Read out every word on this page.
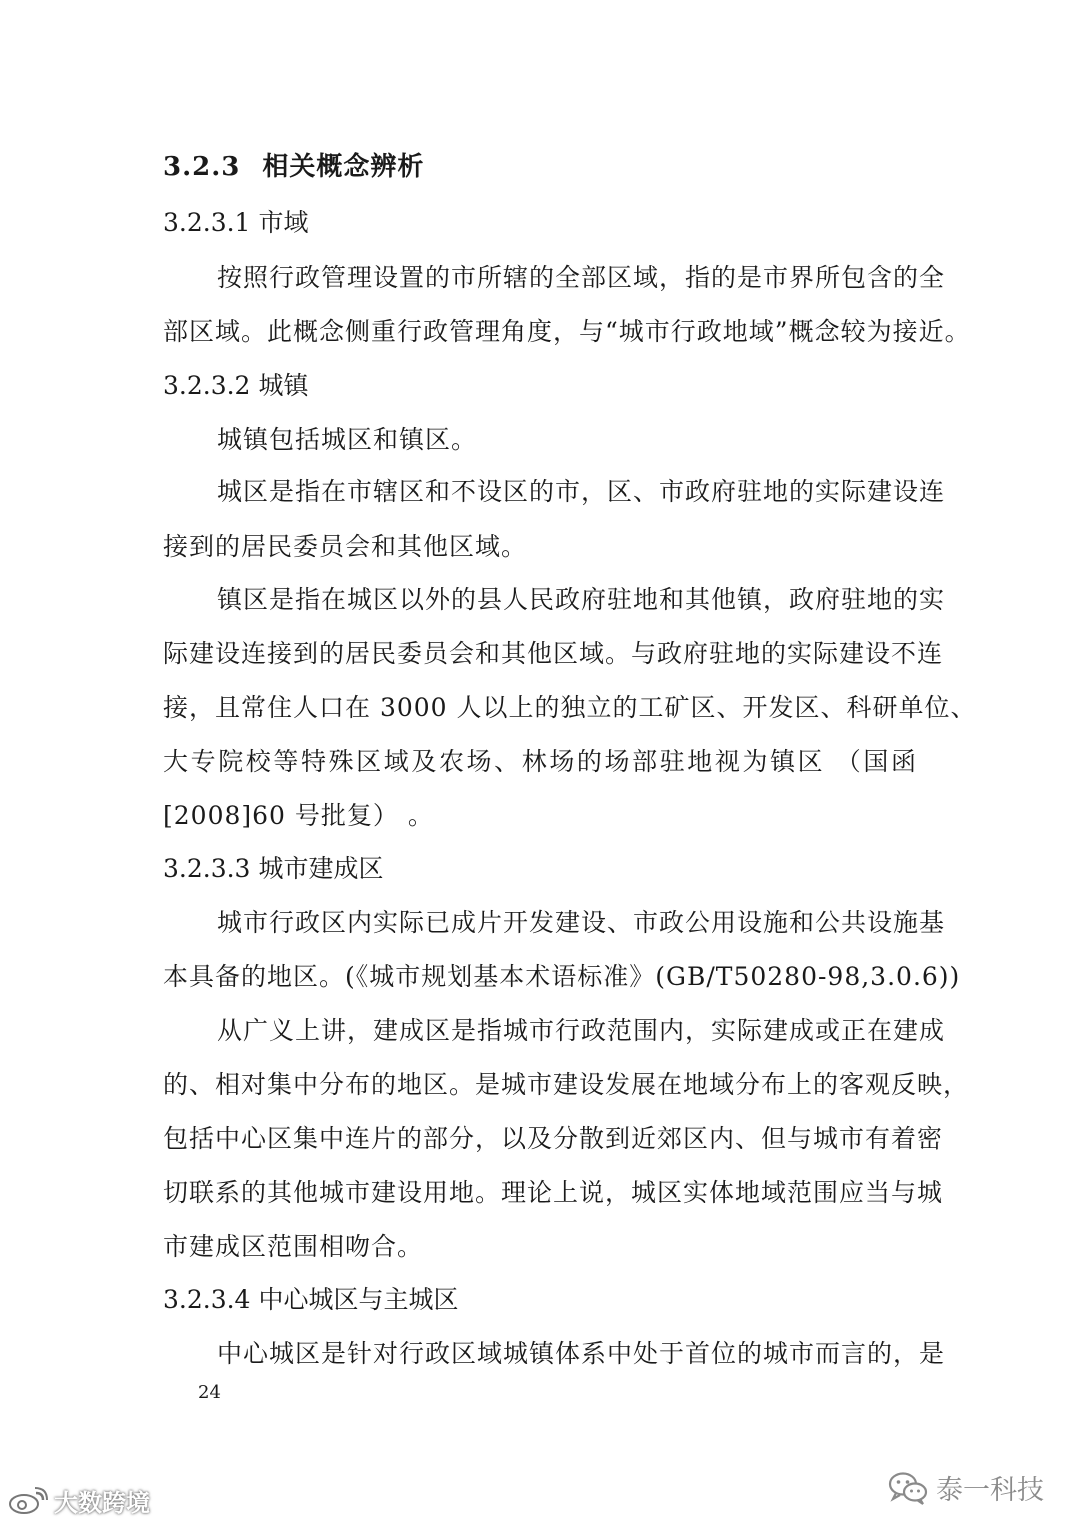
3.2.3 相关概念辨析
3.2.3.1 市域
按照行政管理设置的市所辖的全部区域，指的是市界所包含的全
部区域。此概念侧重行政管理角度，与“城市行政地域”概念较为接近。
3.2.3.2 城镇
城镇包括城区和镇区。
城区是指在市辖区和不设区的市，区、市政府驻地的实际建设连
接到的居民委员会和其他区域。
镇区是指在城区以外的县人民政府驻地和其他镇，政府驻地的实
际建设连接到的居民委员会和其他区域。与政府驻地的实际建设不连
接，且常住人口在 3000 人以上的独立的工矿区、开发区、科研单位、
大专院校等特殊区域及农场、林场的场部驻地视为镇区 （国函
[2008]60 号批复） 。
3.2.3.3 城市建成区
城市行政区内实际已成片开发建设、市政公用设施和公共设施基
本具备的地区。(《城市规划基本术语标准》(GB/T50280-98,3.0.6))
从广义上讲，建成区是指城市行政范围内，实际建成或正在建成
的、相对集中分布的地区。是城市建设发展在地域分布上的客观反映，
包括中心区集中连片的部分，以及分散到近郊区内、但与城市有着密
切联系的其他城市建设用地。理论上说，城区实体地域范围应当与城
市建成区范围相吻合。
3.2.3.4 中心城区与主城区
中心城区是针对行政区域城镇体系中处于首位的城市而言的，是
24
大数跨境	泰一科技
